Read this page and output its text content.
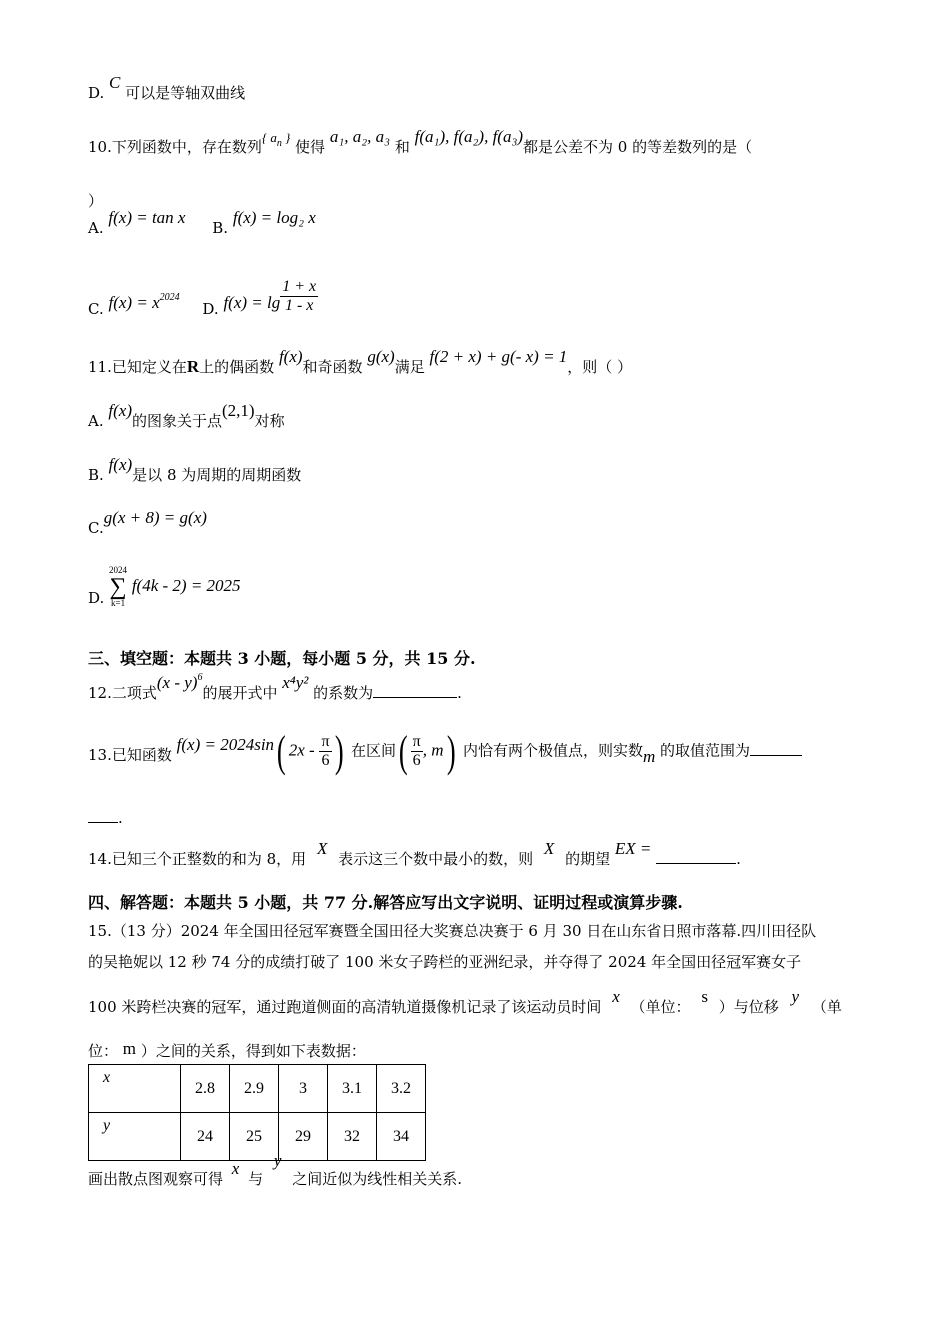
D. C 可以是等轴双曲线
10.下列函数中，存在数列{ $a_n$ } 使得 a₁, a₂, a₃ 和 f(a₁), f(a₂), f(a₃)都是公差不为 0 的等差数列的是（
）
A. f(x) = tan x B. f(x) = log₂ x
C. $f(x) = x^{2024}$ D. $f(x) = \lg \frac{1 + x}{1 - x}$
11.已知定义在R上的偶函数 f(x)和奇函数 g(x)满足 f(2 + x) + g(- x) = 1，则（ ）
A. f(x)的图象关于点(2,1)对称
B. f(x)是以 8 为周期的周期函数
C.g(x + 8) = g(x)
D.
2024
∑
k=1
f(4k - 2) = 2025
三、填空题：本题共 3 小题，每小题 5 分，共 15 分.
12.二项式(x - y)$^6$的展开式中 x⁴y² 的系数为	.
13.已知函数 f(x) = 2024sin( $2x - \frac{\pi}{6}$ ) 在区间( $\frac{\pi}{6}$ , m) 内恰有两个极值点，则实数m 的取值范围为
.
14.已知三个正整数的和为 8，用 X 表示这三个数中最小的数，则 X 的期望 EX = .
四、解答题：本题共 5 小题，共 77 分.解答应写出文字说明、证明过程或演算步骤.
15.（13 分）2024 年全国田径冠军赛暨全国田径大奖赛总决赛于 6 月 30 日在山东省日照市落幕.四川田径队
的吴艳妮以 12 秒 74 分的成绩打破了 100 米女子跨栏的亚洲纪录，并夺得了 2024 年全国田径冠军赛女子
100 米跨栏决赛的冠军，通过跑道侧面的高清轨道摄像机记录了该运动员时间 x （单位： s ）与位移 y （单
位： m ）之间的关系，得到如下表数据：
x	2.8	2.9	3	3.1	3.2
y	24	25	29	32	34
画出散点图观察可得 x 与 y 之间近似为线性相关关系.
